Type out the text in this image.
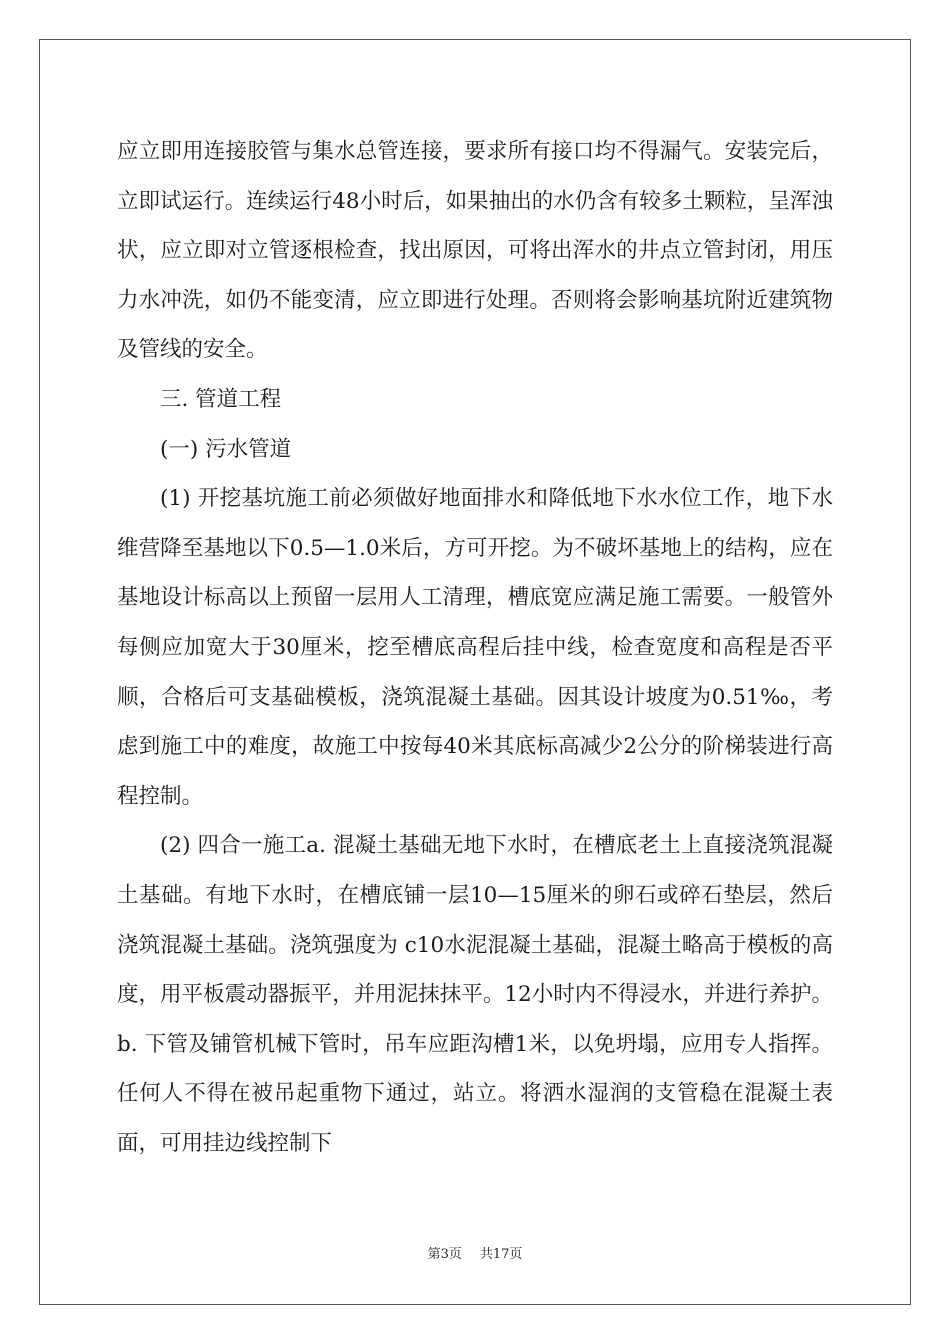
应立即用连接胶管与集水总管连接，要求所有接口均不得漏气。安装完后，立即试运行。连续运行48小时后，如果抽出的水仍含有较多土颗粒，呈浑浊状，应立即对立管逐根检查，找出原因，可将出浑水的井点立管封闭，用压力水冲洗，如仍不能变清，应立即进行处理。否则将会影响基坑附近建筑物及管线的安全。

三. 管道工程

(一) 污水管道

(1) 开挖基坑施工前必须做好地面排水和降低地下水水位工作，地下水维营降至基地以下0.5—1.0米后，方可开挖。为不破坏基地上的结构，应在基地设计标高以上预留一层用人工清理，槽底宽应满足施工需要。一般管外每侧应加宽大于30厘米，挖至槽底高程后挂中线，检查宽度和高程是否平顺，合格后可支基础模板，浇筑混凝土基础。因其设计坡度为0.51‰，考虑到施工中的难度，故施工中按每40米其底标高减少2公分的阶梯装进行高程控制。

(2) 四合一施工a. 混凝土基础无地下水时，在槽底老土上直接浇筑混凝土基础。有地下水时，在槽底铺一层10—15厘米的卵石或碎石垫层，然后浇筑混凝土基础。浇筑强度为 c10水泥混凝土基础，混凝土略高于模板的高度，用平板震动器振平，并用泥抹抹平。12小时内不得浸水，并进行养护。b. 下管及铺管机械下管时，吊车应距沟槽1米，以免坍塌，应用专人指挥。任何人不得在被吊起重物下通过，站立。将洒水湿润的支管稳在混凝土表面，可用挂边线控制下

第3页 共17页
